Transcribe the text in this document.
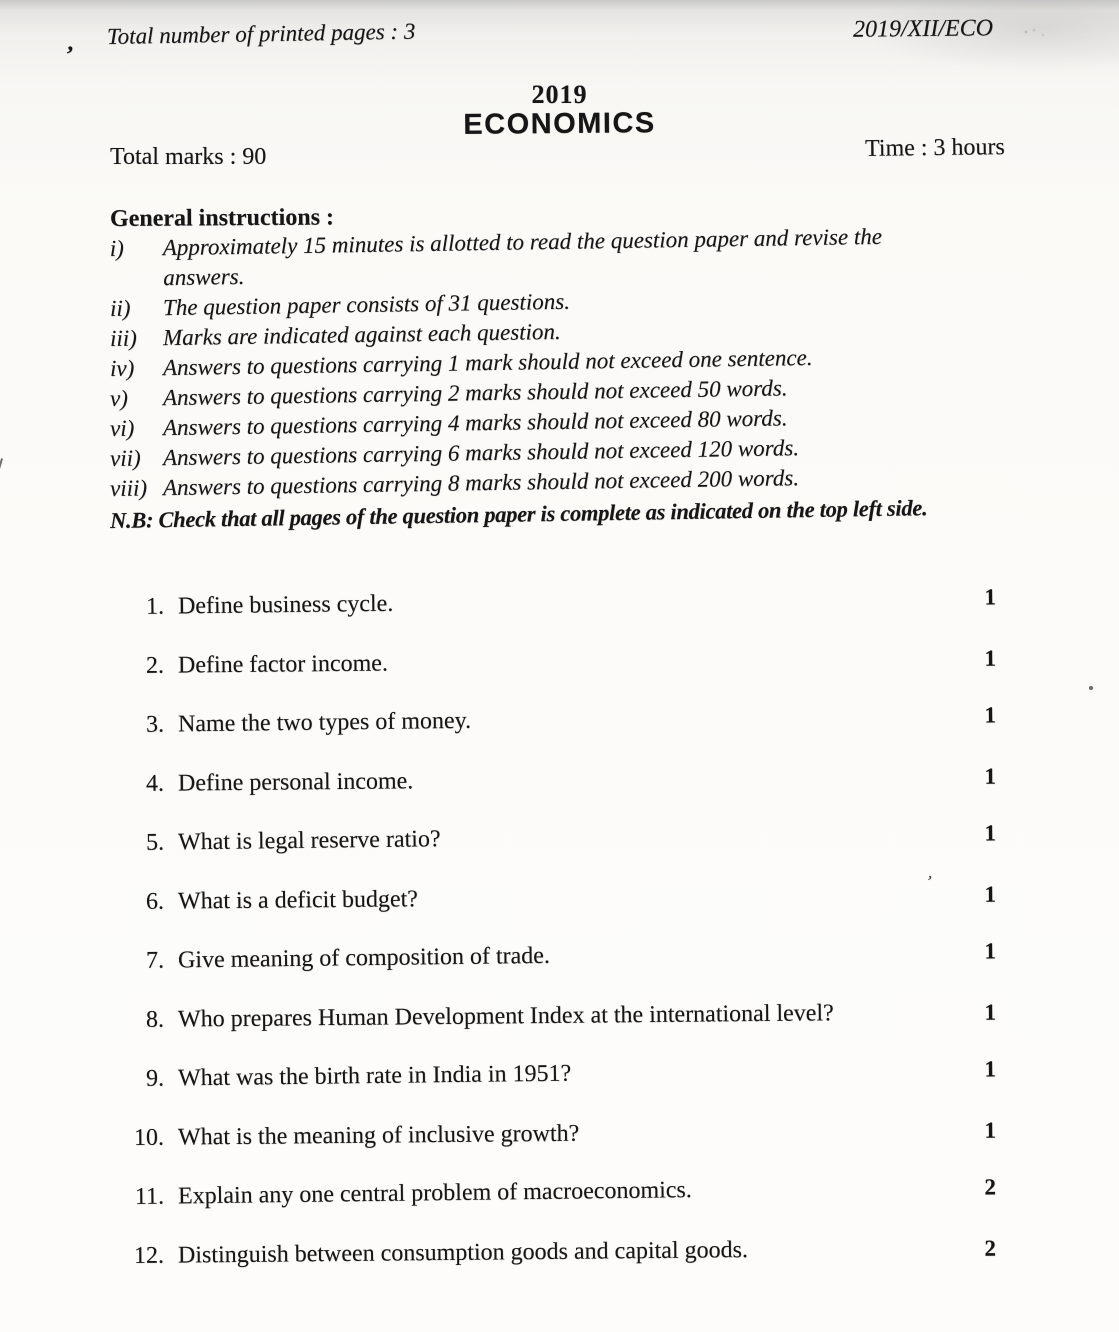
,
’
Total number of printed pages : 3	2019/XII/ECO
2019
ECONOMICS
Total marks : 90	Time : 3 hours
General instructions :
i)	Approximately 15 minutes is allotted to read the question paper and revise the answers.
ii)	The question paper consists of 31 questions.
iii)	Marks are indicated against each question.
iv)	Answers to questions carrying 1 mark should not exceed one sentence.
v)	Answers to questions carrying 2 marks should not exceed 50 words.
vi)	Answers to questions carrying 4 marks should not exceed 80 words.
vii) Answers to questions carrying 6 marks should not exceed 120 words.
viii) Answers to questions carrying 8 marks should not exceed 200 words.
N.B: Check that all pages of the question paper is complete as indicated on the top left side.
1. Define business cycle.	1
2. Define factor income.	1
3. Name the two types of money.	1
4. Define personal income.	1
5. What is legal reserve ratio?	1
6. What is a deficit budget?	1
7. Give meaning of composition of trade.	1
8. Who prepares Human Development Index at the international level?	1
9. What was the birth rate in India in 1951?	1
10. What is the meaning of inclusive growth?	1
11. Explain any one central problem of macroeconomics.	2
12. Distinguish between consumption goods and capital goods.	2
